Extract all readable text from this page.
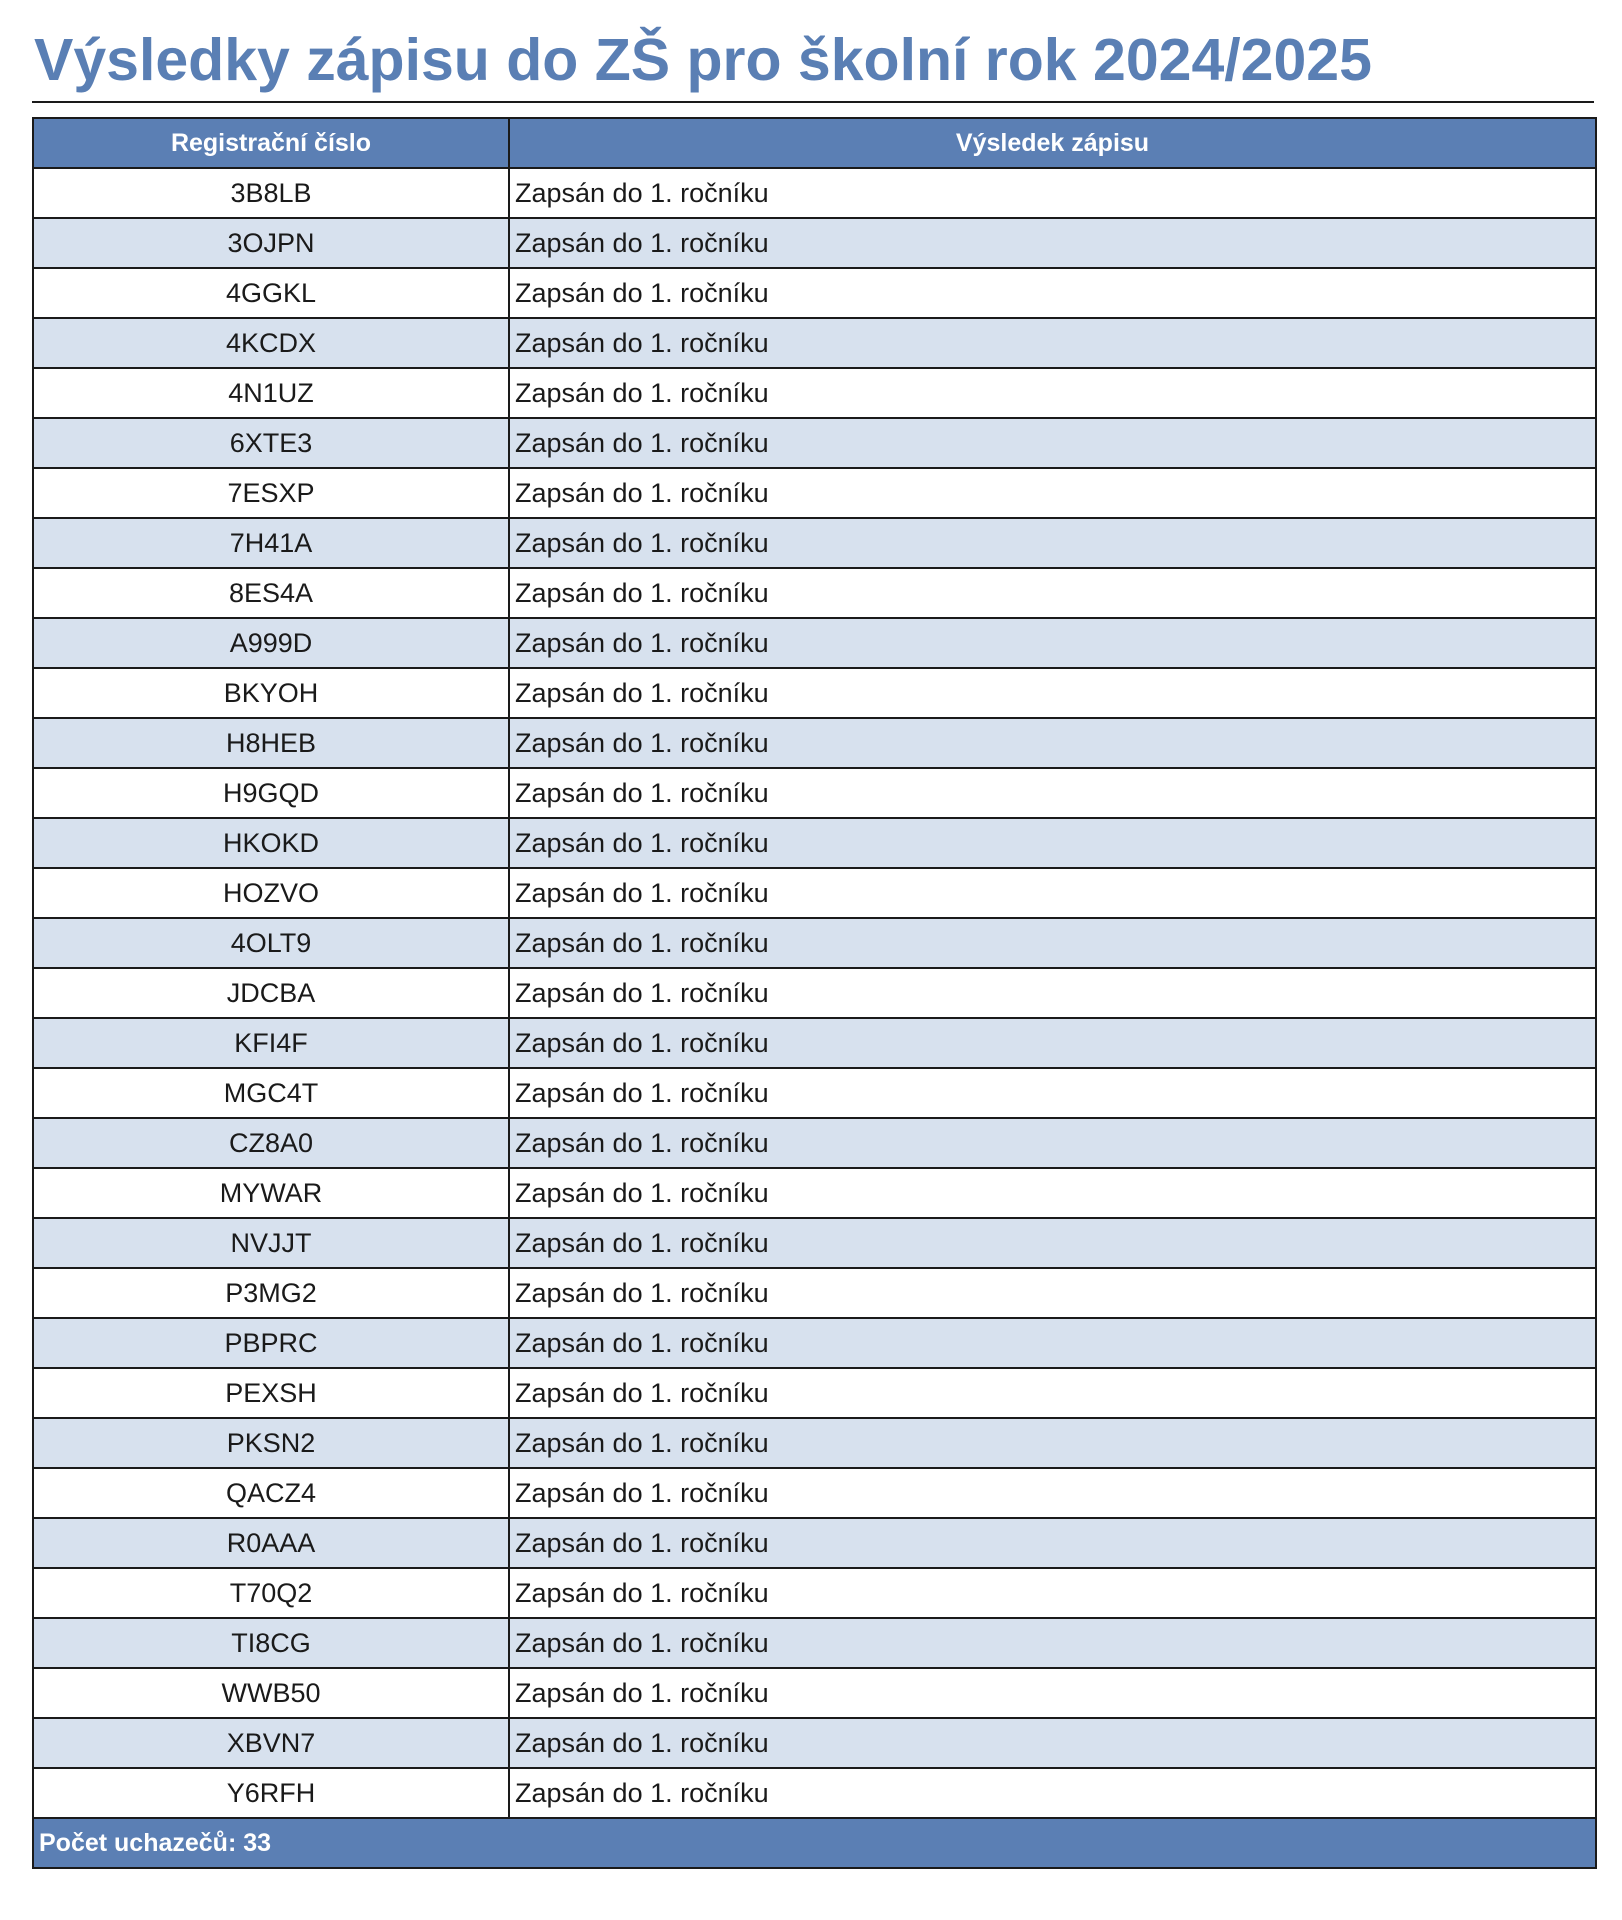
Výsledky zápisu do ZŠ pro školní rok 2024/2025
Registrační číslo	Výsledek zápisu
3B8LB	Zapsán do 1. ročníku
3OJPN	Zapsán do 1. ročníku
4GGKL	Zapsán do 1. ročníku
4KCDX	Zapsán do 1. ročníku
4N1UZ	Zapsán do 1. ročníku
6XTE3	Zapsán do 1. ročníku
7ESXP	Zapsán do 1. ročníku
7H41A	Zapsán do 1. ročníku
8ES4A	Zapsán do 1. ročníku
A999D	Zapsán do 1. ročníku
BKYOH	Zapsán do 1. ročníku
H8HEB	Zapsán do 1. ročníku
H9GQD	Zapsán do 1. ročníku
HKOKD	Zapsán do 1. ročníku
HOZVO	Zapsán do 1. ročníku
4OLT9	Zapsán do 1. ročníku
JDCBA	Zapsán do 1. ročníku
KFI4F	Zapsán do 1. ročníku
MGC4T	Zapsán do 1. ročníku
CZ8A0	Zapsán do 1. ročníku
MYWAR	Zapsán do 1. ročníku
NVJJT	Zapsán do 1. ročníku
P3MG2	Zapsán do 1. ročníku
PBPRC	Zapsán do 1. ročníku
PEXSH	Zapsán do 1. ročníku
PKSN2	Zapsán do 1. ročníku
QACZ4	Zapsán do 1. ročníku
R0AAA	Zapsán do 1. ročníku
T70Q2	Zapsán do 1. ročníku
TI8CG	Zapsán do 1. ročníku
WWB50	Zapsán do 1. ročníku
XBVN7	Zapsán do 1. ročníku
Y6RFH	Zapsán do 1. ročníku
Počet uchazečů: 33	
